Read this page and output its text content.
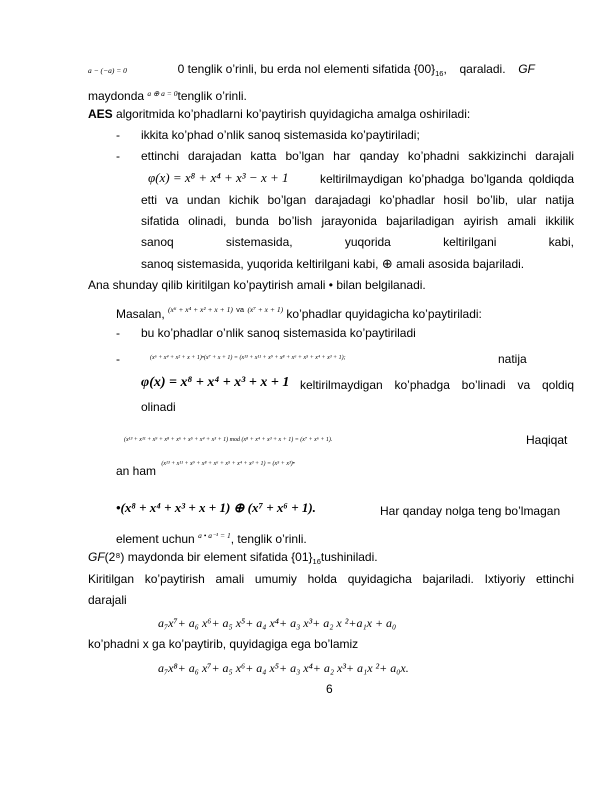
a − (−a) = 0	0 tenglik o’rinli, bu erda nol elementi sifatida $\{00\}_{16}$, qaraladi. GF
maydonda $^{a \oplus a = 0}$tenglik o’rinli.
AES algoritmida ko’phadlarni ko’paytirish quyidagicha amalga oshiriladi:
- ikkita ko’phad o’nlik sanoq sistemasida ko’paytiriladi;
- ettinchi darajadan katta bo’lgan har qanday ko’phadni sakkizinchi darajali
φ(x) = x⁸ + x⁴ + x³ − x + 1	keltirilmaydigan ko’phadga bo’lganda qoldiqda
etti va undan kichik bo’lgan darajadagi ko’phadlar hosil bo’lib, ular natija
sifatida olinadi, bunda bo’lish jarayonida bajariladigan ayirish amali ikkilik
sanoq sistemasida, yuqorida keltirilgani kabi,
sanoq sistemasida, yuqorida keltirilgani kabi, ⊕ amali asosida bajariladi.
Ana shunday qilib kiritilgan ko’paytirish amali • bilan belgilanadi.
Masalan, $^{(x^6 + x^4 + x^2 + x + 1)}$ $^{va}$ $^{(x^7 + x + 1)}$ ko’phadlar quyidagicha ko’paytiriladi:
- bu ko’phadlar o’nlik sanoq sistemasida ko’paytiriladi
-	(x⁶ + x⁴ + x² + x + 1)•(x⁷ + x + 1) = (x¹³ + x¹¹ + x⁹ + x⁸ + x⁶ + x⁵ + x⁴ + x³ + 1);	natija
φ(x) = x⁸ + x⁴ + x³ + x + 1 keltirilmaydigan ko’phadga bo’linadi va qoldiq
olinadi
(x¹³ + x¹¹ + x⁹ + x⁸ + x⁶ + x⁵ + x⁴ + x³ + 1) mod (x⁸ + x⁴ + x³ + x + 1) = (x⁷ + x⁶ + 1).	Haqiqat
an ham (x¹³ + x¹¹ + x⁹ + x⁸ + x⁶ + x⁵ + x⁴ + x³ + 1) = (x⁵ + x³)•
•(x⁸ + x⁴ + x³ + x + 1) ⊕ (x⁷ + x⁶ + 1).	Har qanday nolga teng bo’lmagan
element uchun $^{a • a^{-1} = 1}$, tenglik o’rinli.
GF(2⁸) maydonda bir element sifatida $\{01\}_{16}tushiniladi$.
Kiritilgan ko’paytirish amali umumiy holda quyidagicha bajariladi. Ixtiyoriy ettinchi
darajali
a₇x⁷+ a₆ x⁶+ a₅ x⁵+ a₄ x⁴+ a₃ x³+ a₂ x ²+a₁x + a₀
ko’phadni x ga ko’paytirib, quyidagiga ega bo’lamiz
a₇x⁸+ a₆ x⁷+ a₅ x⁶+ a₄ x⁵+ a₃ x⁴+ a₂ x³+ a₁x ²+ a₀x.
6
